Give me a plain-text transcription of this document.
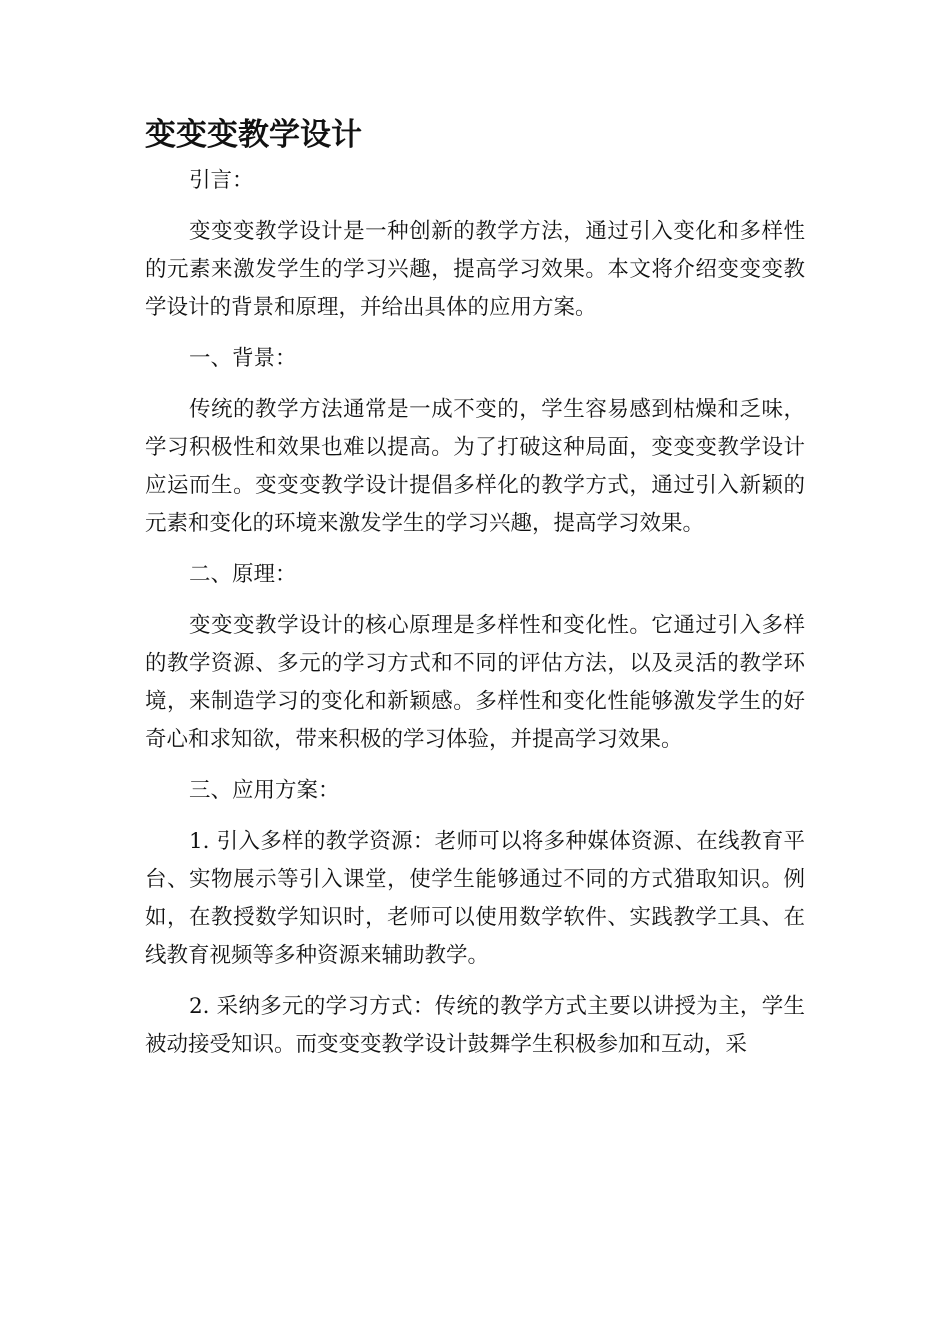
变变变教学设计

引言：

变变变教学设计是一种创新的教学方法，通过引入变化和多样性的元素来激发学生的学习兴趣，提高学习效果。本文将介绍变变变教学设计的背景和原理，并给出具体的应用方案。

一、背景：

传统的教学方法通常是一成不变的，学生容易感到枯燥和乏味，学习积极性和效果也难以提高。为了打破这种局面，变变变教学设计应运而生。变变变教学设计提倡多样化的教学方式，通过引入新颖的元素和变化的环境来激发学生的学习兴趣，提高学习效果。

二、原理：

变变变教学设计的核心原理是多样性和变化性。它通过引入多样的教学资源、多元的学习方式和不同的评估方法，以及灵活的教学环境，来制造学习的变化和新颖感。多样性和变化性能够激发学生的好奇心和求知欲，带来积极的学习体验，并提高学习效果。

三、应用方案：

1. 引入多样的教学资源：老师可以将多种媒体资源、在线教育平台、实物展示等引入课堂，使学生能够通过不同的方式猎取知识。例如，在教授数学知识时，老师可以使用数学软件、实践教学工具、在线教育视频等多种资源来辅助教学。

2. 采纳多元的学习方式：传统的教学方式主要以讲授为主，学生被动接受知识。而变变变教学设计鼓舞学生积极参加和互动，采
